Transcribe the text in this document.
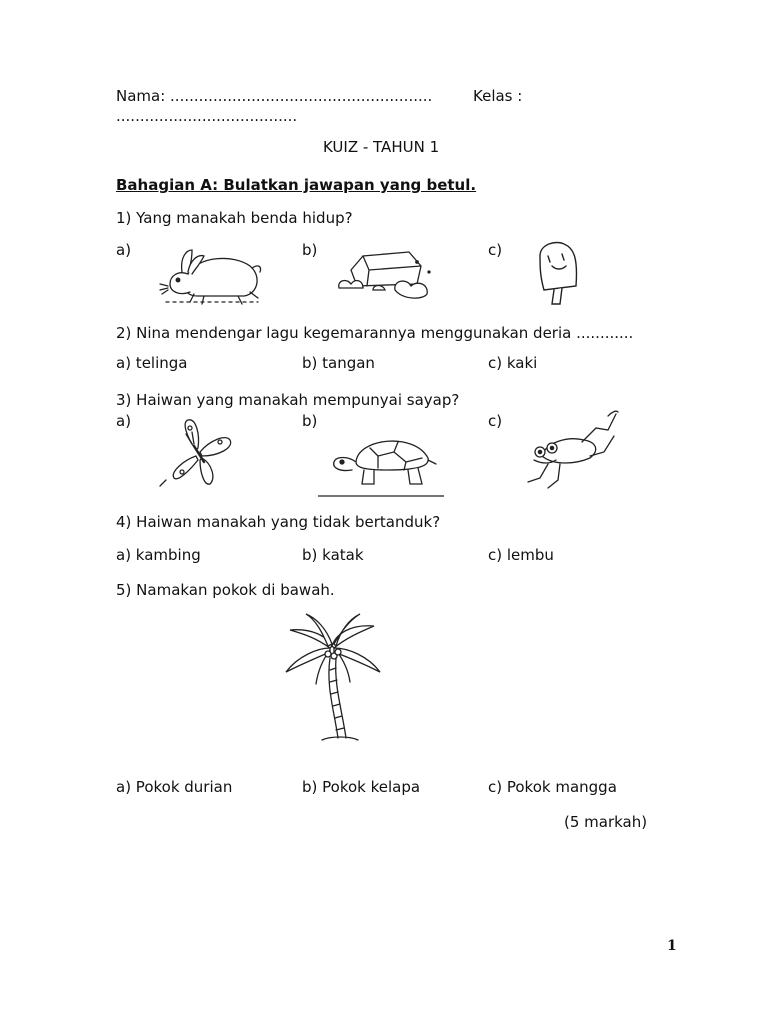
Nama: .......................................................	Kelas :
......................................
KUIZ - TAHUN 1
Bahagian A: Bulatkan jawapan yang betul.
1) Yang manakah benda hidup?
a)	b)	c)
2) Nina mendengar lagu kegemarannya menggunakan deria ............
a) telinga	b) tangan	c) kaki
3) Haiwan yang manakah mempunyai sayap?
a)	b)	c)
4) Haiwan manakah yang tidak bertanduk?
a) kambing	b) katak	c) lembu
5) Namakan pokok di bawah.
a) Pokok durian	b) Pokok kelapa	c) Pokok mangga
(5 markah)
1
